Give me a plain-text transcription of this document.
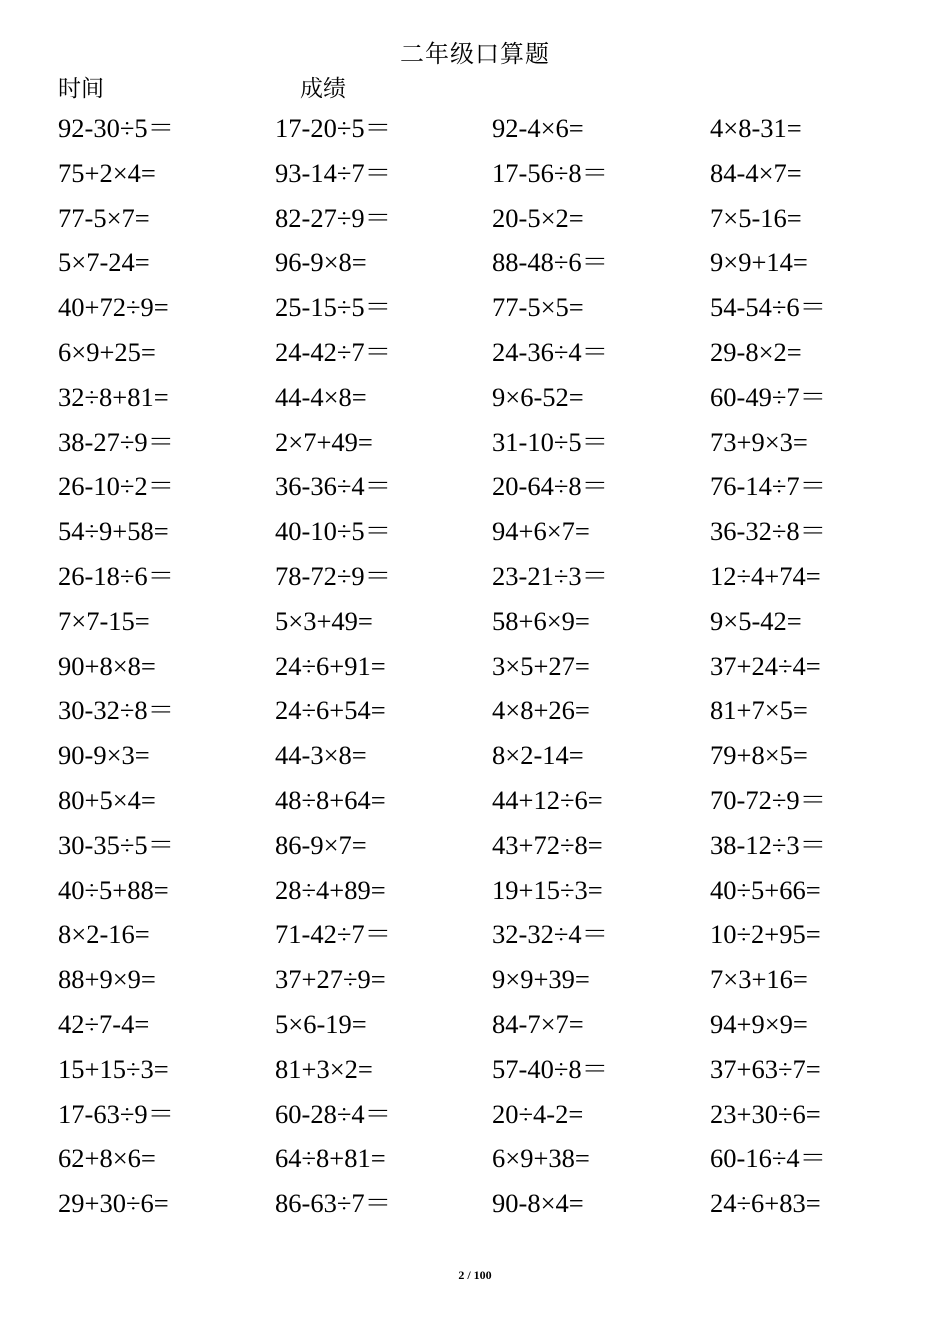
二年级口算题
时间	成绩
92-30÷5＝	17-20÷5＝	92-4×6=	4×8-31=
75+2×4=	93-14÷7＝	17-56÷8＝	84-4×7=
77-5×7=	82-27÷9＝	20-5×2=	7×5-16=
5×7-24=	96-9×8=	88-48÷6＝	9×9+14=
40+72÷9=	25-15÷5＝	77-5×5=	54-54÷6＝
6×9+25=	24-42÷7＝	24-36÷4＝	29-8×2=
32÷8+81=	44-4×8=	9×6-52=	60-49÷7＝
38-27÷9＝	2×7+49=	31-10÷5＝	73+9×3=
26-10÷2＝	36-36÷4＝	20-64÷8＝	76-14÷7＝
54÷9+58=	40-10÷5＝	94+6×7=	36-32÷8＝
26-18÷6＝	78-72÷9＝	23-21÷3＝	12÷4+74=
7×7-15=	5×3+49=	58+6×9=	9×5-42=
90+8×8=	24÷6+91=	3×5+27=	37+24÷4=
30-32÷8＝	24÷6+54=	4×8+26=	81+7×5=
90-9×3=	44-3×8=	8×2-14=	79+8×5=
80+5×4=	48÷8+64=	44+12÷6=	70-72÷9＝
30-35÷5＝	86-9×7=	43+72÷8=	38-12÷3＝
40÷5+88=	28÷4+89=	19+15÷3=	40÷5+66=
8×2-16=	71-42÷7＝	32-32÷4＝	10÷2+95=
88+9×9=	37+27÷9=	9×9+39=	7×3+16=
42÷7-4=	5×6-19=	84-7×7=	94+9×9=
15+15÷3=	81+3×2=	57-40÷8＝	37+63÷7=
17-63÷9＝	60-28÷4＝	20÷4-2=	23+30÷6=
62+8×6=	64÷8+81=	6×9+38=	60-16÷4＝
29+30÷6=	86-63÷7＝	90-8×4=	24÷6+83=
2 / 100
